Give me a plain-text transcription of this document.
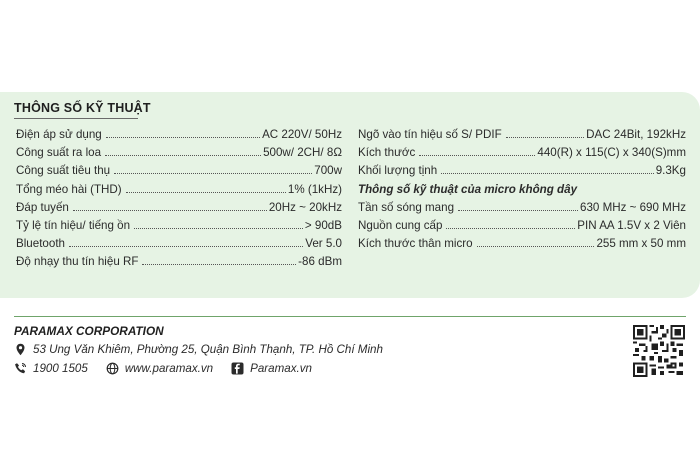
THÔNG SỐ KỸ THUẬT
Điện áp sử dụng	AC 220V/ 50Hz
Công suất ra loa	500w/ 2CH/ 8Ω
Công suất tiêu thụ	700w
Tổng méo hài (THD)	1% (1kHz)
Đáp tuyến	20Hz ~ 20kHz
Tỷ lệ tín hiệu/ tiếng ồn	> 90dB
Bluetooth	Ver 5.0
Độ nhạy thu tín hiệu RF	-86 dBm
Ngõ vào tín hiệu số S/ PDIF	DAC 24Bit, 192kHz
Kích thước	440(R) x 115(C) x 340(S)mm
Khối lượng tịnh	9.3Kg
Thông số kỹ thuật của micro không dây
Tần số sóng mang	630 MHz ~ 690 MHz
Nguồn cung cấp	PIN AA 1.5V x 2 Viên
Kích thước thân micro	255 mm x 50 mm
PARAMAX CORPORATION
53 Ung Văn Khiêm, Phường 25, Quận Bình Thạnh, TP. Hồ Chí Minh
1900 1505	www.paramax.vn	Paramax.vn
